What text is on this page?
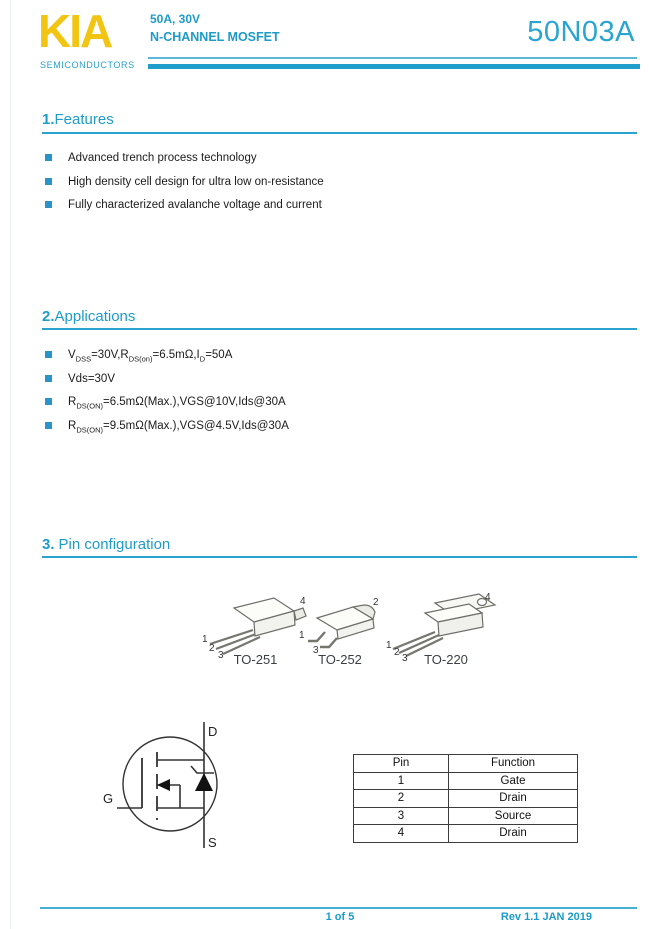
KIA
SEMICONDUCTORS
50A, 30V
N-CHANNEL MOSFET	50N03A
1.Features
Advanced trench process technology
High density cell design for ultra low on-resistance
Fully characterized avalanche voltage and current
2.Applications
$V_{DSS}=30V,R_{DS(on)}=6.5m\Omega,I_D=50A$
Vds=30V
$R_{DS(ON)}=6.5m\Omega(Max.),VGS@10V,Ids@30A$
$R_{DS(ON)}=9.5m\Omega(Max.),VGS@4.5V,Ids@30A$
3. Pin configuration
1
2
3
4
TO-251
1
3
2
TO-252
1
2
3
4
TO-220
D
G
S
Pin	Function
1	Gate
2	Drain
3	Source
4	Drain
1 of 5	Rev 1.1 JAN 2019
